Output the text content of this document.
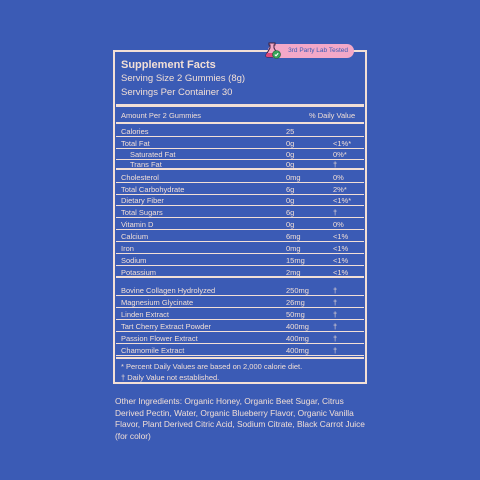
3rd Party Lab Tested
Supplement Facts
Serving Size 2 Gummies (8g)
Servings Per Container 30
Amount Per 2 Gummies	% Daily Value
Calories	25
Total Fat	0g	<1%*
Saturated Fat	0g	0%*
Trans Fat	0g	†
Cholesterol	0mg	0%
Total Carbohydrate	6g	2%*
Dietary Fiber	0g	<1%*
Total Sugars	6g	†
Vitamin D	0g	0%
Calcium	6mg	<1%
Iron	0mg	<1%
Sodium	15mg	<1%
Potassium	2mg	<1%
Bovine Collagen Hydrolyzed	250mg	†
Magnesium Glycinate	26mg	†
Linden Extract	50mg	†
Tart Cherry Extract Powder	400mg	†
Passion Flower Extract	400mg	†
Chamomile Extract	400mg	†
* Percent Daily Values are based on 2,000 calorie diet.
† Daily Value not established.
Other Ingredients: Organic Honey, Organic Beet Sugar, Citrus Derived Pectin, Water, Organic Blueberry Flavor, Organic Vanilla Flavor, Plant Derived Citric Acid, Sodium Citrate, Black Carrot Juice (for color)
